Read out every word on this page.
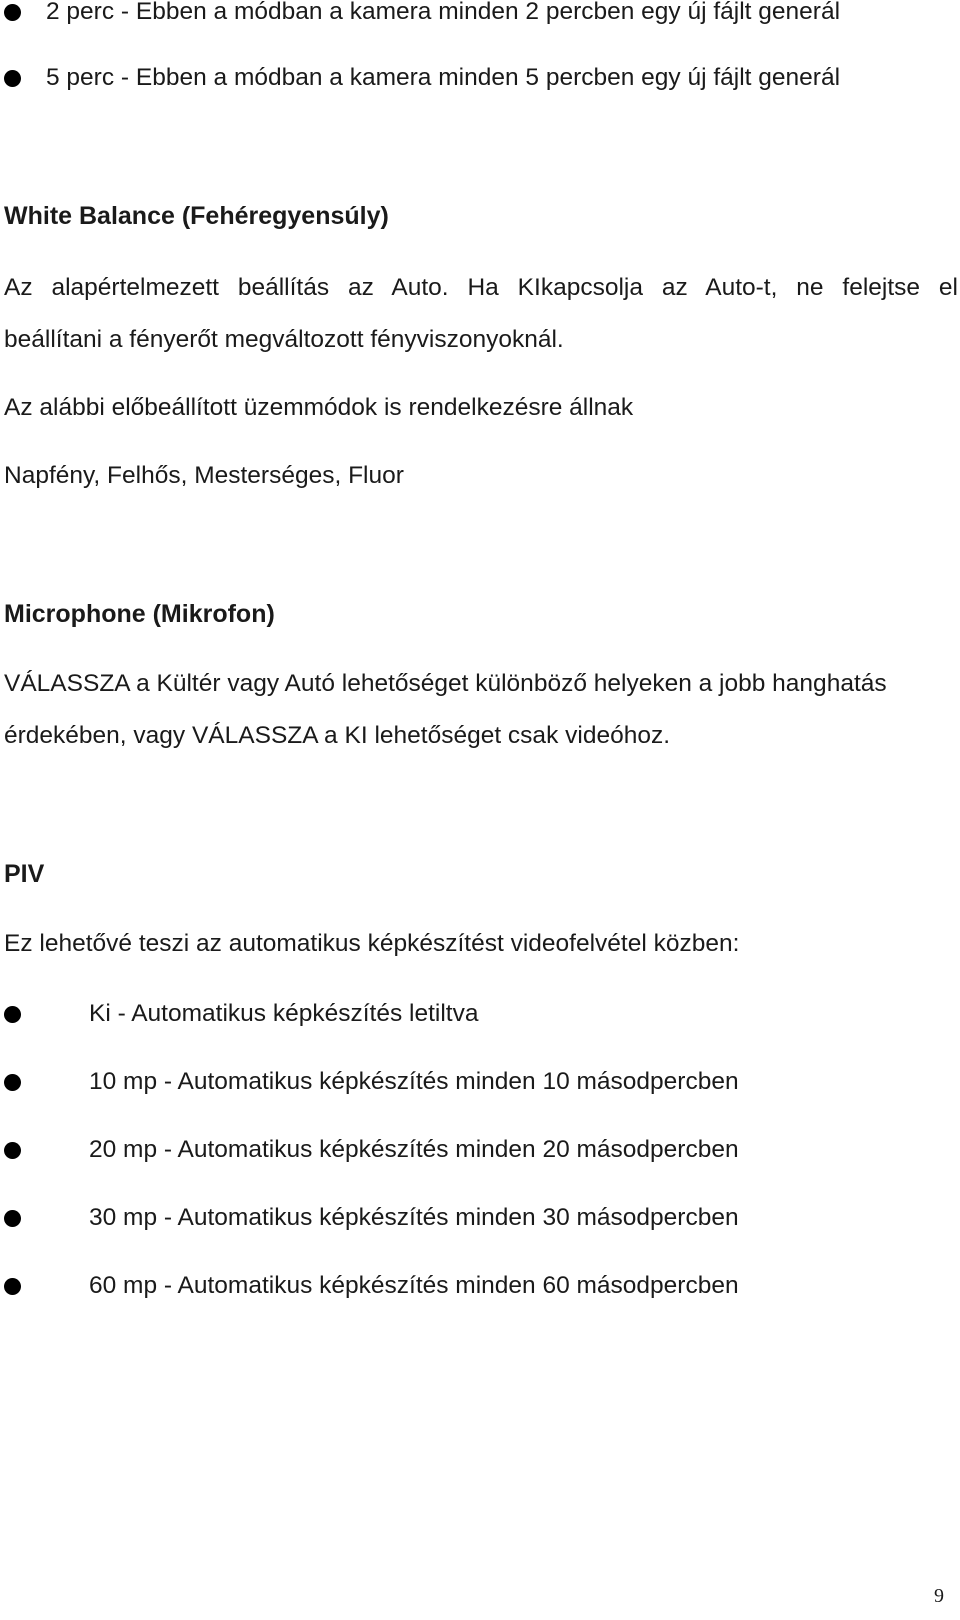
2 perc - Ebben a módban a kamera minden 2 percben egy új fájlt generál
5 perc - Ebben a módban a kamera minden 5 percben egy új fájlt generál
White Balance (Fehéregyensúly)
Az alapértelmezett beállítás az Auto. Ha KIkapcsolja az Auto-t, ne felejtse el
beállítani a fényerőt megváltozott fényviszonyoknál.
Az alábbi előbeállított üzemmódok is rendelkezésre állnak
Napfény, Felhős, Mesterséges, Fluor
Microphone (Mikrofon)
VÁLASSZA a Kültér vagy Autó lehetőséget különböző helyeken a jobb hanghatás
érdekében, vagy VÁLASSZA a KI lehetőséget csak videóhoz.
PIV
Ez lehetővé teszi az automatikus képkészítést videofelvétel közben:
Ki - Automatikus képkészítés letiltva
10 mp - Automatikus képkészítés minden 10 másodpercben
20 mp - Automatikus képkészítés minden 20 másodpercben
30 mp - Automatikus képkészítés minden 30 másodpercben
60 mp - Automatikus képkészítés minden 60 másodpercben
9
